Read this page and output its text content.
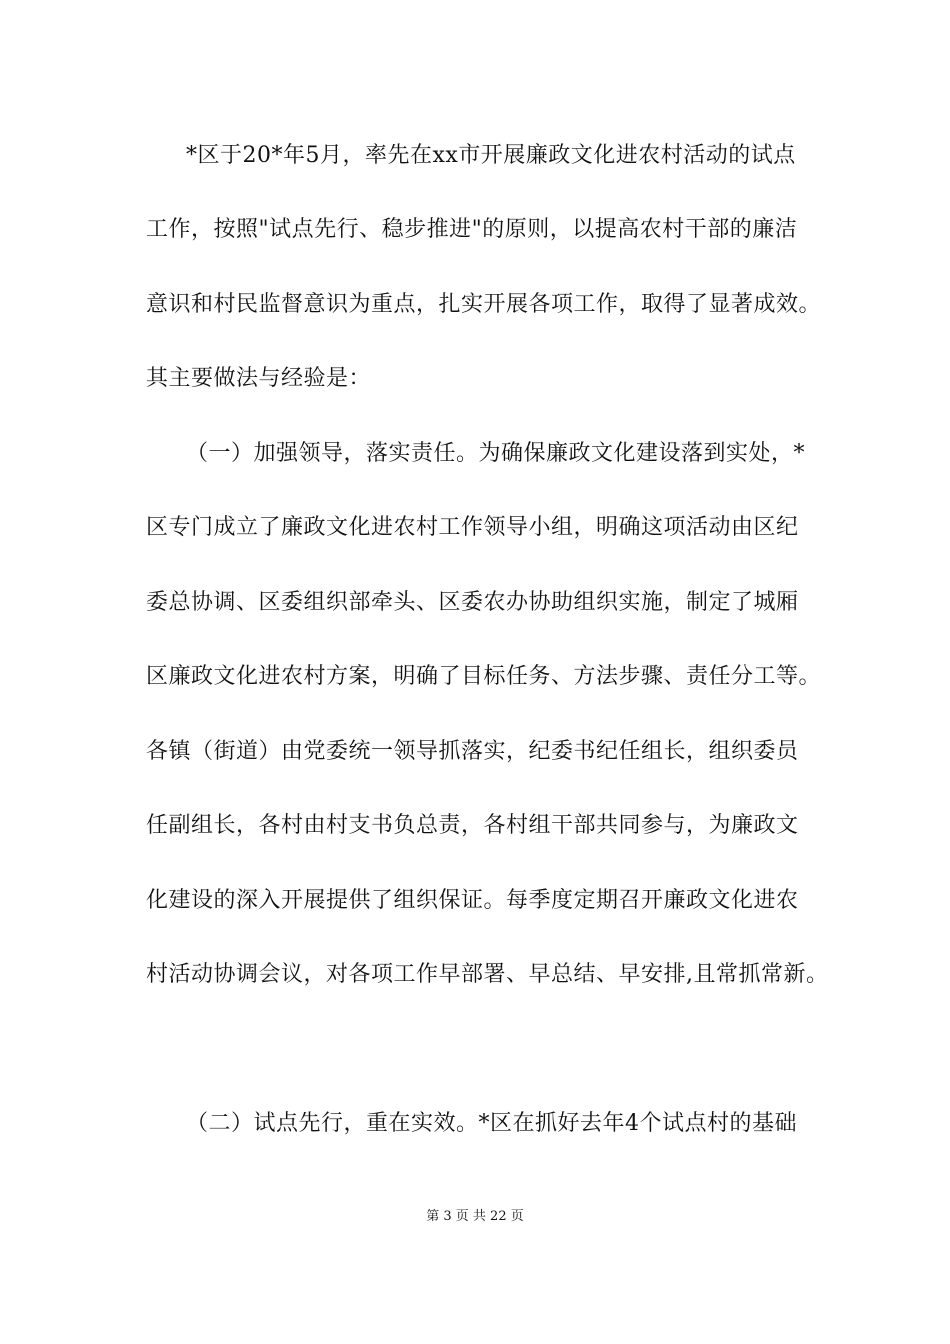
*区于20*年5月，率先在xx市开展廉政文化进农村活动的试点
工作，按照"试点先行、稳步推进"的原则，以提高农村干部的廉洁
意识和村民监督意识为重点，扎实开展各项工作，取得了显著成效。
其主要做法与经验是：
（一）加强领导，落实责任。为确保廉政文化建设落到实处，*
区专门成立了廉政文化进农村工作领导小组，明确这项活动由区纪
委总协调、区委组织部牵头、区委农办协助组织实施，制定了城厢
区廉政文化进农村方案，明确了目标任务、方法步骤、责任分工等。
各镇（街道）由党委统一领导抓落实，纪委书纪任组长，组织委员
任副组长，各村由村支书负总责，各村组干部共同参与，为廉政文
化建设的深入开展提供了组织保证。每季度定期召开廉政文化进农
村活动协调会议，对各项工作早部署、早总结、早安排,且常抓常新。
（二）试点先行，重在实效。*区在抓好去年4个试点村的基础
第 3 页 共 22 页
